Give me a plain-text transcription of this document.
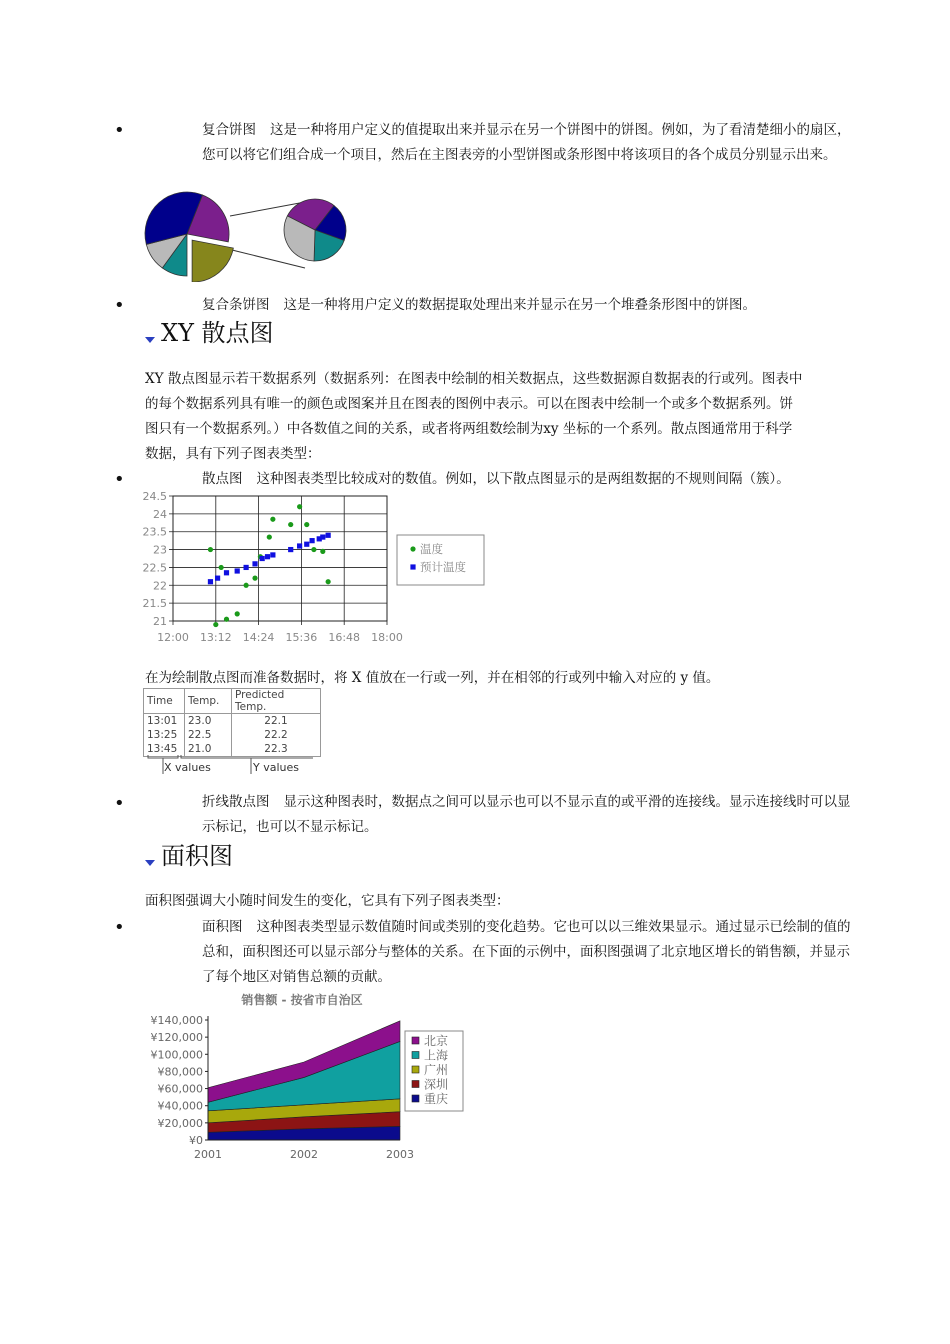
•	复合饼图 这是一种将用户定义的值提取出来并显示在另一个饼图中的饼图。例如，为了看清楚细小的扇区，您可以将它们组合成一个项目，然后在主图表旁的小型饼图或条形图中将该项目的各个成员分别显示出来。
•	复合条饼图 这是一种将用户定义的数据提取处理出来并显示在另一个堆叠条形图中的饼图。
XY 散点图
XY 散点图显示若干数据系列（数据系列：在图表中绘制的相关数据点，这些数据源自数据表的行或列。图表中的每个数据系列具有唯一的颜色或图案并且在图表的图例中表示。可以在图表中绘制一个或多个数据系列。饼图只有一个数据系列。）中各数值之间的关系，或者将两组数绘制为xy 坐标的一个系列。散点图通常用于科学数据，具有下列子图表类型：
•	散点图 这种图表类型比较成对的数值。例如，以下散点图显示的是两组数据的不规则间隔（簇）。
21
21.5
22
22.5
23
23.5
24
24.5
12:00 13:12 14:24 15:36 16:48 18:00
温度
预计温度
在为绘制散点图而准备数据时，将 X 值放在一行或一列，并在相邻的行或列中输入对应的 y 值。
Time	Temp.	Predicted Temp.
13:01	23.0	22.1
13:25	22.5	22.2
13:45	21.0	22.3
X values	Y values
•	折线散点图 显示这种图表时，数据点之间可以显示也可以不显示直的或平滑的连接线。显示连接线时可以显示标记，也可以不显示标记。
面积图
面积图强调大小随时间发生的变化，它具有下列子图表类型：
•	面积图 这种图表类型显示数值随时间或类别的变化趋势。它也可以以三维效果显示。通过显示已绘制的值的总和，面积图还可以显示部分与整体的关系。在下面的示例中，面积图强调了北京地区增长的销售额，并显示了每个地区对销售总额的贡献。
销售额 - 按省市自治区
¥0
¥20,000
¥40,000
¥60,000
¥80,000
¥100,000
¥120,000
¥140,000
2001	2002	2003
北京
上海
广州
深圳
重庆
